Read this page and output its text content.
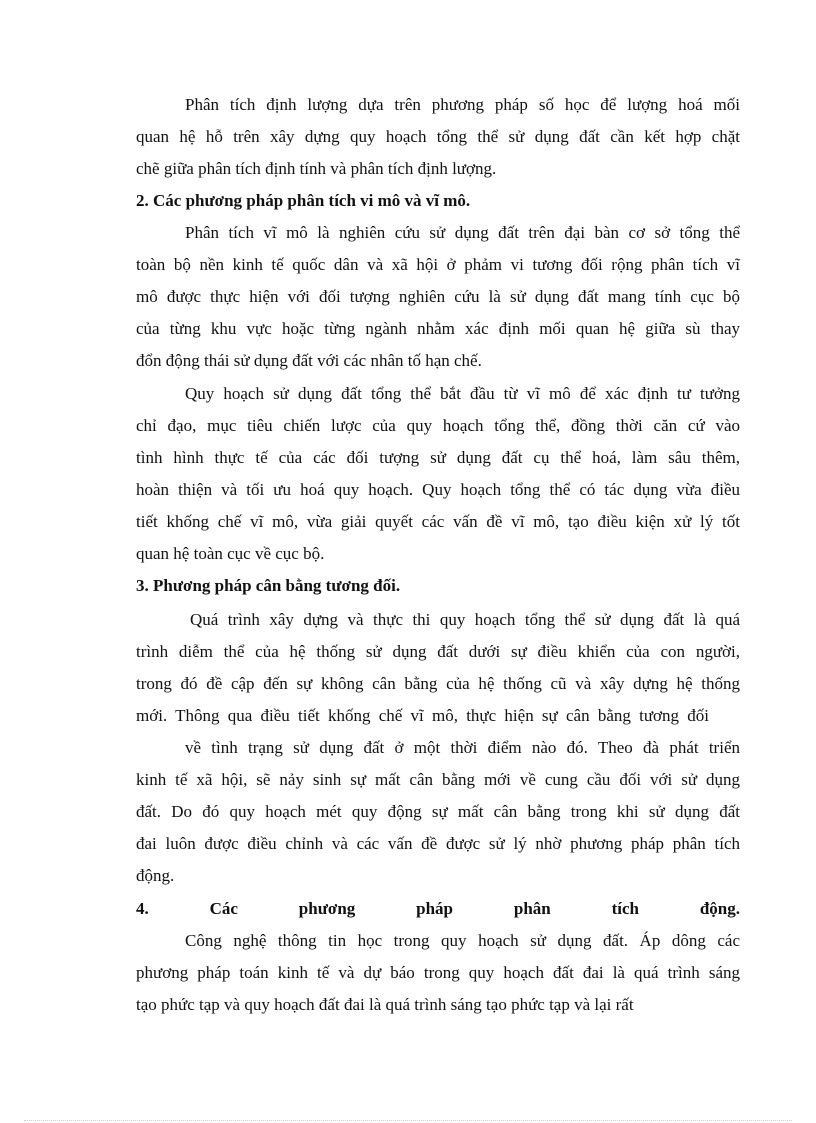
Phân tích định lượng dựa trên phương pháp số học để lượng hoá mối
quan hệ hỗ trên xây dựng quy hoạch tổng thể sử dụng đất cần kết hợp chặt
chẽ giữa phân tích định tính và phân tích định lượng.
2. Các phương pháp phân tích vi mô và vĩ mô.
Phân tích vĩ mô là nghiên cứu sử dụng đất trên đại bàn cơ sở tổng thể
toàn bộ nền kinh tế quốc dân và xã hội ở phảm vi tương đối rộng phân tích vĩ
mô được thực hiện với đối tượng nghiên cứu là sử dụng đất mang tính cục bộ
của từng khu vực hoặc từng ngành nhằm xác định mối quan hệ giữa sù thay
đổn động thái sử dụng đất với các nhân tố hạn chế.
Quy hoạch sử dụng đất tổng thể bắt đầu từ vĩ mô để xác định tư tưởng
chỉ đạo, mục tiêu chiến lược của quy hoạch tổng thể, đồng thời căn cứ vào
tình hình thực tế của các đối tượng sử dụng đất cụ thể hoá, làm sâu thêm,
hoàn thiện và tối ưu hoá quy hoạch. Quy hoạch tổng thể có tác dụng vừa điều
tiết khống chế vĩ mô, vừa giải quyết các vấn đề vĩ mô, tạo điều kiện xử lý tốt
quan hệ toàn cục về cục bộ.
3. Phương pháp cân bằng tương đối.
Quá trình xây dựng và thực thi quy hoạch tổng thể sử dụng đất là quá
trình diễm thể của hệ thống sử dụng đất dưới sự điều khiển của con người,
trong đó đề cập đến sự không cân bằng của hệ thống cũ và xây dựng hệ thống
mới. Thông qua điều tiết khống chế vĩ mô, thực hiện sự cân bằng tương đối
về tình trạng sử dụng đất ở một thời điểm nào đó. Theo đà phát triển
kinh tế xã hội, sẽ nảy sinh sự mất cân bằng mới về cung cầu đối với sử dụng
đất. Do đó quy hoạch mét quy động sự mất cân bằng trong khi sử dụng đất
đai luôn được điều chỉnh và các vấn đề được sử lý nhờ phương pháp phân tích
động.
4. Các phương pháp phân tích động.
Công nghệ thông tin học trong quy hoạch sử dụng đất. Áp dông các
phương pháp toán kinh tế và dự báo trong quy hoạch đất đai là quá trình sáng
tạo phức tạp và quy hoạch đất đai là quá trình sáng tạo phức tạp và lại rất
